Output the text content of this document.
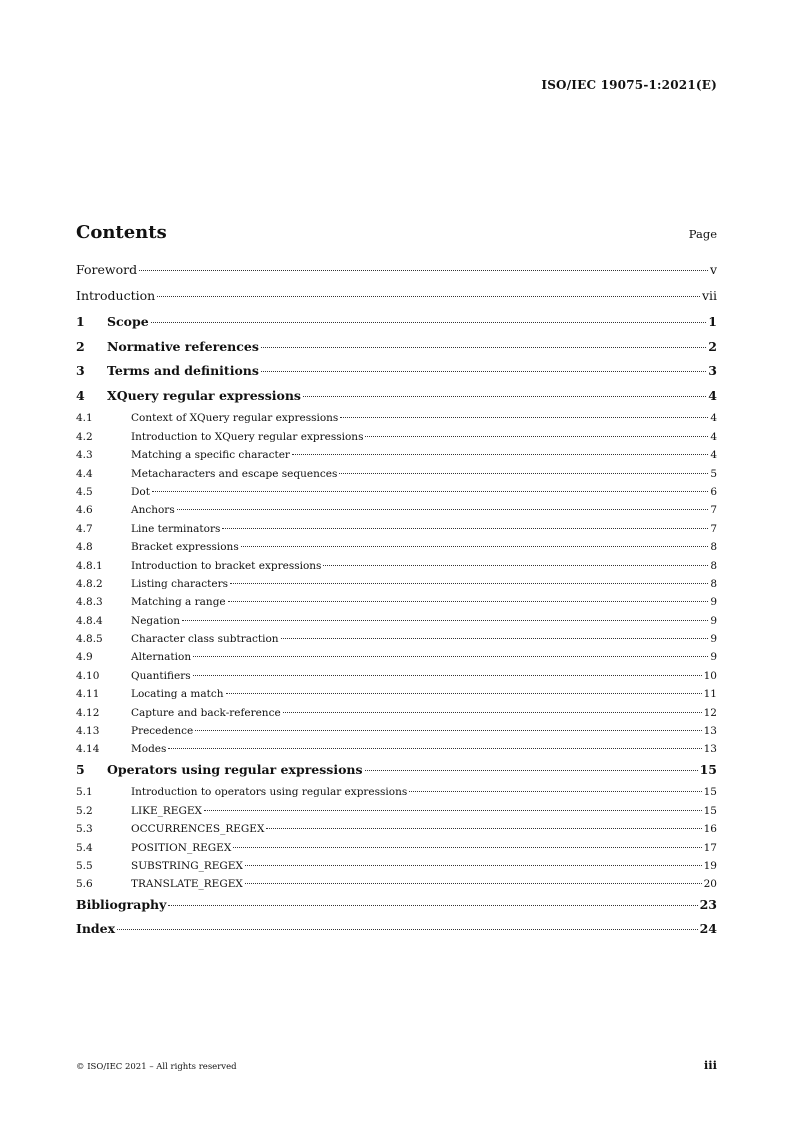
ISO/IEC 19075-1:2021(E)
Contents	Page
Foreword	v
Introduction	vii
1	Scope	1
2	Normative references	2
3	Terms and definitions	3
4	XQuery regular expressions	4
4.1	Context of XQuery regular expressions	4
4.2	Introduction to XQuery regular expressions	4
4.3	Matching a specific character	4
4.4	Metacharacters and escape sequences	5
4.5	Dot	6
4.6	Anchors	7
4.7	Line terminators	7
4.8	Bracket expressions	8
4.8.1	Introduction to bracket expressions	8
4.8.2	Listing characters	8
4.8.3	Matching a range	9
4.8.4	Negation	9
4.8.5	Character class subtraction	9
4.9	Alternation	9
4.10	Quantifiers	10
4.11	Locating a match	11
4.12	Capture and back-reference	12
4.13	Precedence	13
4.14	Modes	13
5	Operators using regular expressions	15
5.1	Introduction to operators using regular expressions	15
5.2	LIKE_REGEX	15
5.3	OCCURRENCES_REGEX	16
5.4	POSITION_REGEX	17
5.5	SUBSTRING_REGEX	19
5.6	TRANSLATE_REGEX	20
Bibliography	23
Index	24
© ISO/IEC 2021 – All rights reserved	iii
